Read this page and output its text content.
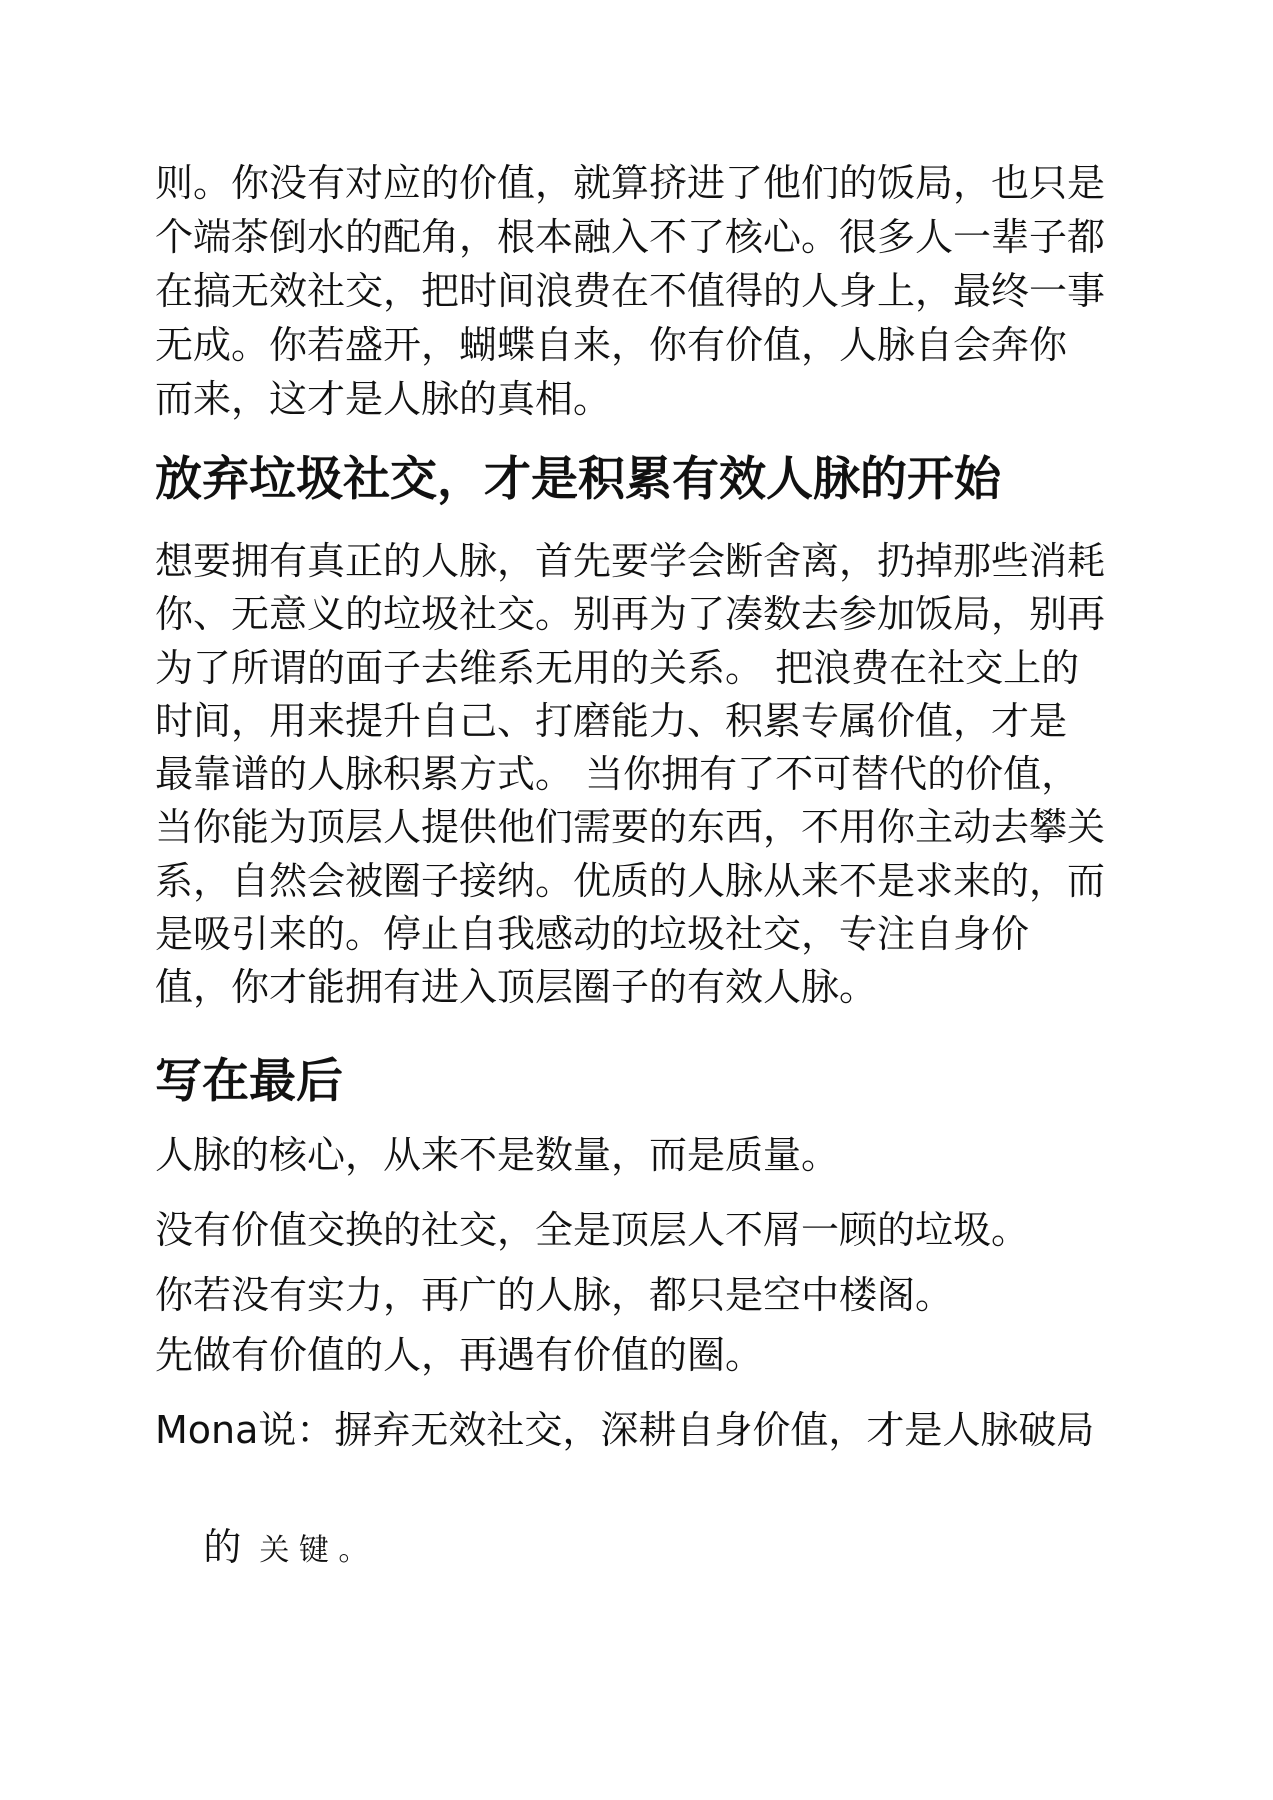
则。你没有对应的价值，就算挤进了他们的饭局，也只是
个端茶倒水的配角，根本融入不了核心。很多人一辈子都
在搞无效社交，把时间浪费在不值得的人身上，最终一事
无成。你若盛开，蝴蝶自来，你有价值，人脉自会奔你
而来，这才是人脉的真相。
放弃垃圾社交，才是积累有效人脉的开始
想要拥有真正的人脉，首先要学会断舍离，扔掉那些消耗
你、无意义的垃圾社交。别再为了凑数去参加饭局，别再
为了所谓的面子去维系无用的关系。 把浪费在社交上的
时间，用来提升自己、打磨能力、积累专属价值，才是
最靠谱的人脉积累方式。 当你拥有了不可替代的价值，
当你能为顶层人提供他们需要的东西，不用你主动去攀关
系，自然会被圈子接纳。优质的人脉从来不是求来的，而
是吸引来的。停止自我感动的垃圾社交，专注自身价
值，你才能拥有进入顶层圈子的有效人脉。
写在最后
人脉的核心，从来不是数量，而是质量。
没有价值交换的社交，全是顶层人不屑一顾的垃圾。
你若没有实力，再广的人脉，都只是空中楼阁。
先做有价值的人，再遇有价值的圈。
Mona说：摒弃无效社交，深耕自身价值，才是人脉破局

的 关 键 。
